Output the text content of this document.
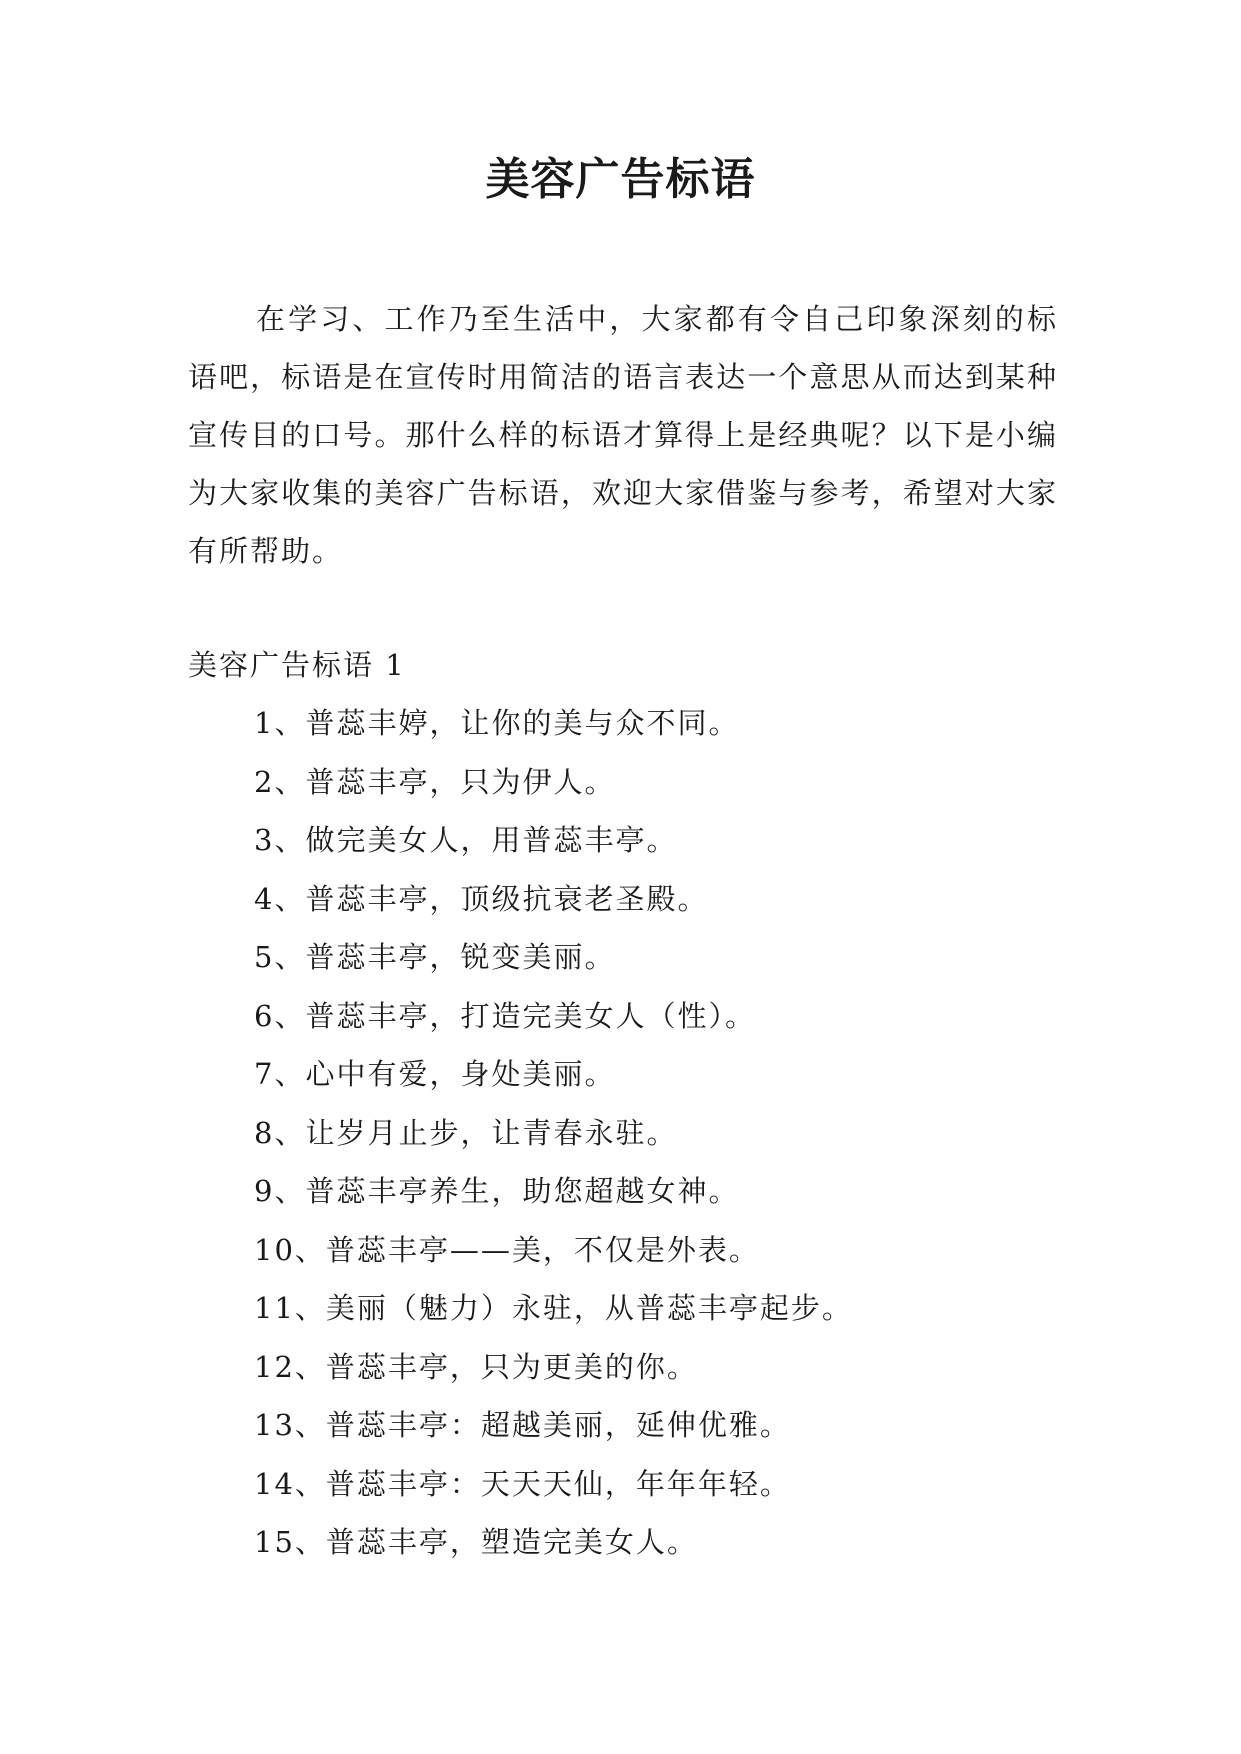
美容广告标语

在学习、工作乃至生活中，大家都有令自己印象深刻的标语吧，标语是在宣传时用简洁的语言表达一个意思从而达到某种宣传目的口号。那什么样的标语才算得上是经典呢？以下是小编为大家收集的美容广告标语，欢迎大家借鉴与参考，希望对大家有所帮助。

美容广告标语 1
1、普蕊丰婷，让你的美与众不同。
2、普蕊丰亭，只为伊人。
3、做完美女人，用普蕊丰亭。
4、普蕊丰亭，顶级抗衰老圣殿。
5、普蕊丰亭，锐变美丽。
6、普蕊丰亭，打造完美女人（性）。
7、心中有爱，身处美丽。
8、让岁月止步，让青春永驻。
9、普蕊丰亭养生，助您超越女神。
10、普蕊丰亭——美，不仅是外表。
11、美丽（魅力）永驻，从普蕊丰亭起步。
12、普蕊丰亭，只为更美的你。
13、普蕊丰亭：超越美丽，延伸优雅。
14、普蕊丰亭：天天天仙，年年年轻。
15、普蕊丰亭，塑造完美女人。
